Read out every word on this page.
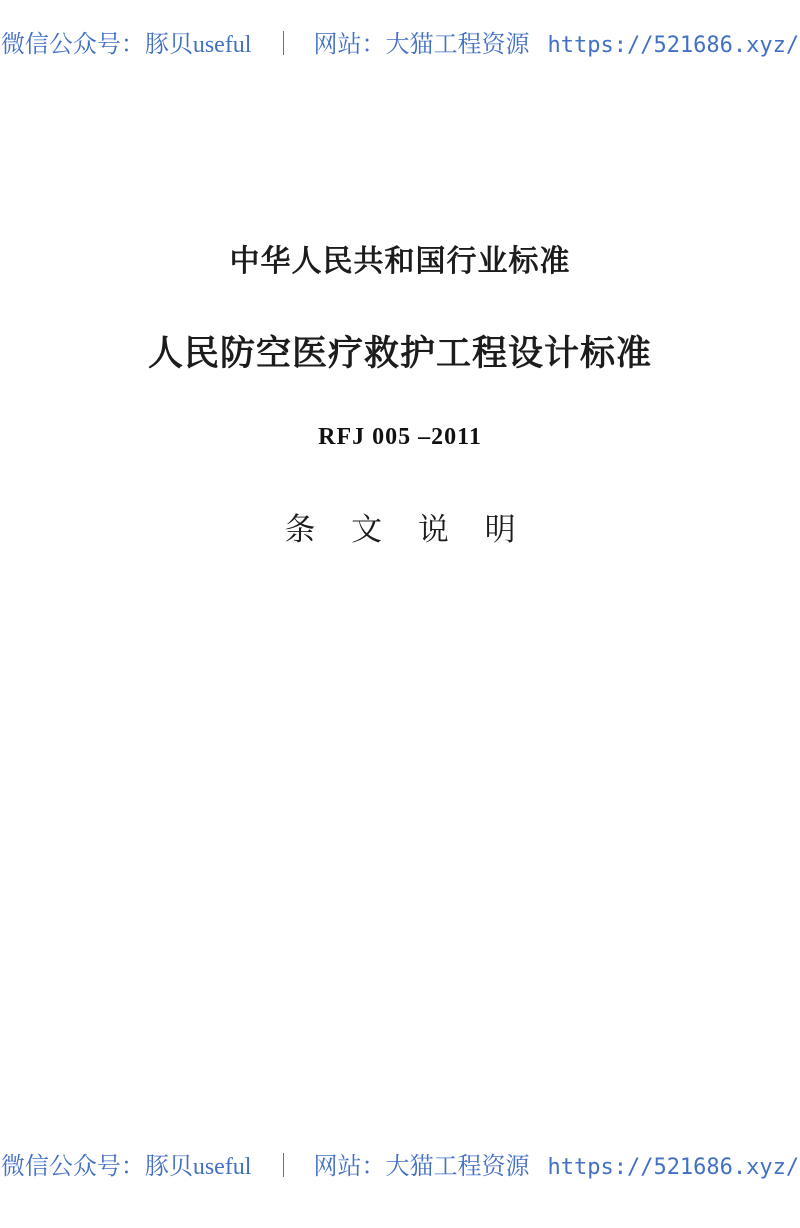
微信公众号：豚贝useful ｜ 网站：大猫工程资源 https://521686.xyz/
中华人民共和国行业标准
人民防空医疗救护工程设计标准
RFJ 005 –2011
条 文 说 明
微信公众号：豚贝useful ｜ 网站：大猫工程资源 https://521686.xyz/
